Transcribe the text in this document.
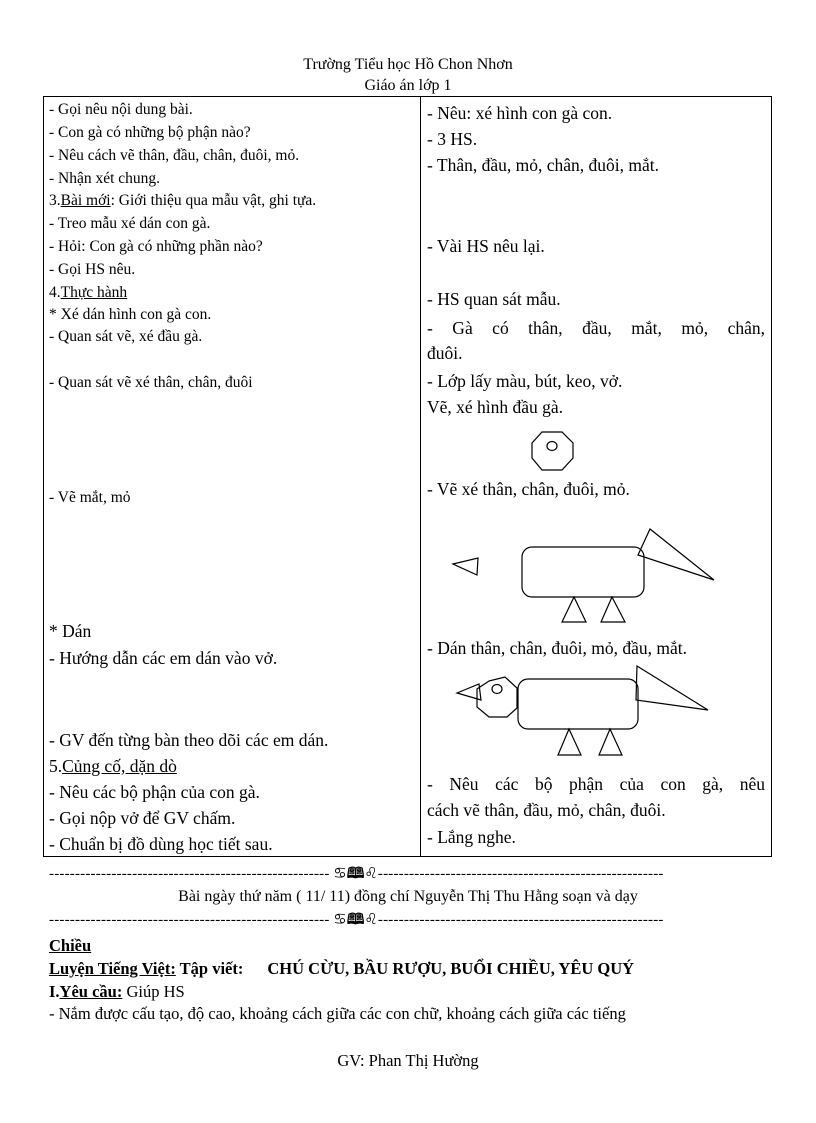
Trường Tiểu học Hồ Chon Nhơn
Giáo án lớp 1
- Gọi nêu nội dung bài.
- Con gà có những bộ phận nào?
- Nêu cách vẽ thân, đầu, chân, đuôi, mỏ.
- Nhận xét chung.
3.Bài mới: Giới thiệu qua mẫu vật, ghi tựa.
- Treo mẫu xé dán con gà.
- Hỏi: Con gà có những phần nào?
- Gọi HS nêu.
4.Thực hành
* Xé dán hình con gà con.
- Quan sát vẽ, xé đầu gà.
- Quan sát vẽ xé thân, chân, đuôi
- Vẽ mắt, mỏ
* Dán
- Hướng dẫn các em dán vào vở.
- GV đến từng bàn theo dõi các em dán.
5.Củng cố, dặn dò
- Nêu các bộ phận của con gà.
- Gọi nộp vở để GV chấm.
- Chuẩn bị đồ dùng học tiết sau.
- Nêu: xé hình con gà con.
- 3 HS.
- Thân, đầu, mỏ, chân, đuôi, mắt.
- Vài HS nêu lại.
- HS quan sát mẫu.
- Gà có thân, đầu, mắt, mỏ, chân,
đuôi.
- Lớp lấy màu, bút, keo, vở.
Vẽ, xé hình đầu gà.
- Vẽ xé thân, chân, đuôi, mỏ.
- Dán thân, chân, đuôi, mỏ, đầu, mắt.
- Nêu các bộ phận của con gà, nêu
cách vẽ thân, đầu, mỏ, chân, đuôi.
- Lắng nghe.
------------------------------------------------------ ♋🕮♌-------------------------------------------------------
Bài ngày thứ năm ( 11/ 11) đồng chí Nguyễn Thị Thu Hằng soạn và dạy
------------------------------------------------------ ♋🕮♌-------------------------------------------------------
Chiều
Luyện Tiếng Việt: Tập viết: CHÚ CỪU, BẦU RƯỢU, BUỔI CHIỀU, YÊU QUÝ
I.Yêu cầu: Giúp HS
- Nắm được cấu tạo, độ cao, khoảng cách giữa các con chữ, khoảng cách giữa các tiếng
GV: Phan Thị Hường
